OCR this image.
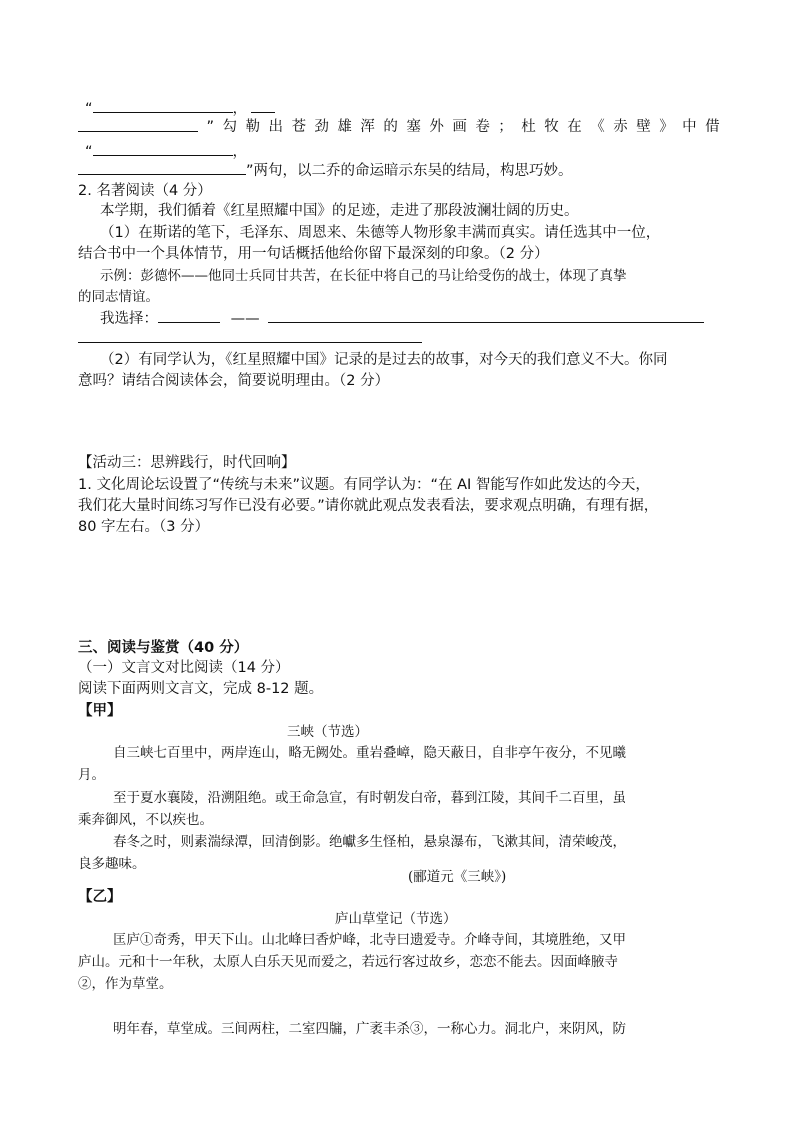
“	，
” 勾 勒 出 苍 劲 雄 浑 的 塞 外 画 卷 ； 杜 牧 在 《 赤 壁 》 中 借
“	，
”两句，以二乔的命运暗示东吴的结局，构思巧妙。
2. 名著阅读（4 分）
本学期，我们循着《红星照耀中国》的足迹，走进了那段波澜壮阔的历史。
（1）在斯诺的笔下，毛泽东、周恩来、朱德等人物形象丰满而真实。请任选其中一位，
结合书中一个具体情节，用一句话概括他给你留下最深刻的印象。（2 分）
示例：彭德怀——他同士兵同甘共苦，在长征中将自己的马让给受伤的战士，体现了真挚
的同志情谊。
我选择：	——
（2）有同学认为，《红星照耀中国》记录的是过去的故事，对今天的我们意义不大。你同
意吗？请结合阅读体会，简要说明理由。（2 分）
【活动三：思辨践行，时代回响】
1. 文化周论坛设置了“传统与未来”议题。有同学认为：“在 AI 智能写作如此发达的今天，
我们花大量时间练习写作已没有必要。”请你就此观点发表看法，要求观点明确，有理有据，
80 字左右。（3 分）
三、阅读与鉴赏（40 分）
（一）文言文对比阅读（14 分）
阅读下面两则文言文，完成 8-12 题。
【甲】
三峡（节选）
自三峡七百里中，两岸连山，略无阙处。重岩叠嶂，隐天蔽日，自非亭午夜分，不见曦
月。
至于夏水襄陵，沿溯阻绝。或王命急宣，有时朝发白帝，暮到江陵，其间千二百里，虽
乘奔御风，不以疾也。
春冬之时，则素湍绿潭，回清倒影。绝巘多生怪柏，悬泉瀑布，飞漱其间，清荣峻茂，
良多趣味。
(郦道元《三峡》)
【乙】
庐山草堂记（节选）
匡庐①奇秀，甲天下山。山北峰曰香炉峰，北寺曰遗爱寺。介峰寺间，其境胜绝，又甲
庐山。元和十一年秋，太原人白乐天见而爱之，若远行客过故乡，恋恋不能去。因面峰腋寺
②，作为草堂。
明年春，草堂成。三间两柱，二室四牖，广袤丰杀③，一称心力。洞北户，来阴风，防
